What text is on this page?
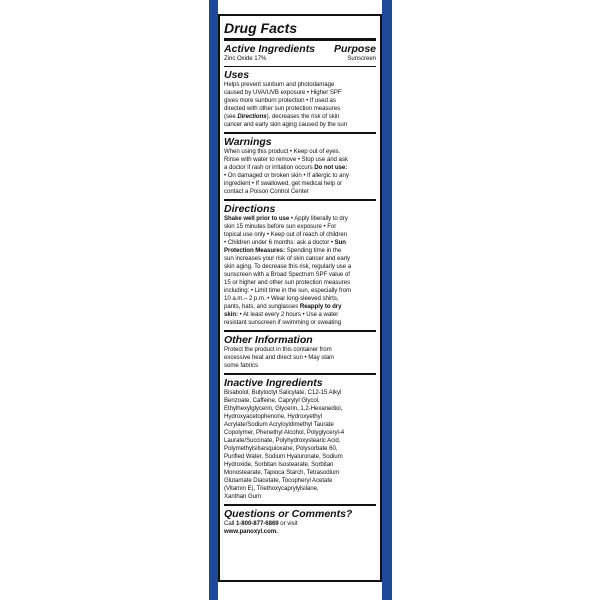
Drug Facts
Active Ingredients Purpose
Zinc Oxide 17%	Sunscreen
Uses
Helps prevent sunburn and photodamage
caused by UVA/UVB exposure • Higher SPF
gives more sunburn protection • If used as
directed with other sun protection measures
(see Directions), decreases the risk of skin
cancer and early skin aging caused by the sun
Warnings
When using this product • Keep out of eyes.
Rinse with water to remove • Stop use and ask
a doctor if rash or irritation occurs Do not use:
• On damaged or broken skin • If allergic to any
ingredient • If swallowed, get medical help or
contact a Poison Control Center
Directions
Shake well prior to use • Apply liberally to dry
skin 15 minutes before sun exposure • For
topical use only • Keep out of reach of children
• Children under 6 months: ask a doctor • Sun
Protection Measures: Spending time in the
sun increases your risk of skin cancer and early
skin aging. To decrease this risk, regularly use a
sunscreen with a Broad Spectrum SPF value of
15 or higher and other sun protection measures
including: • Limit time in the sun, especially from
10 a.m.– 2 p.m. • Wear long-sleeved shirts,
pants, hats, and sunglasses Reapply to dry
skin: • At least every 2 hours • Use a water
resistant sunscreen if swimming or sweating
Other Information
Protect the product in this container from
excessive heat and direct sun • May stain
some fabrics
Inactive Ingredients
Bisabolol, Butyloctyl Salicylate, C12-15 Alkyl
Benzoate, Caffeine, Caprylyl Glycol,
Ethylhexylglycerin, Glycerin, 1,2-Hexanediol,
Hydroxyacetophenone, Hydroxyethyl
Acrylate/Sodium Acryloyldimethyl Taurate
Copolymer, Phenethyl Alcohol, Polyglyceryl-4
Laurate/Succinate, Polyhydroxystearic Acid,
Polymethylsilsesquioxane, Polysorbate 60,
Purified Water, Sodium Hyaluronate, Sodium
Hydroxide, Sorbitan Isostearate, Sorbitan
Monostearate, Tapioca Starch, Tetrasodium
Glutamate Diacetate, Tocopheryl Acetate
(Vitamin E), Triethoxycaprylylsilane,
Xanthan Gum
Questions or Comments?
Call 1-800-877-6869 or visit
www.panoxyl.com.
